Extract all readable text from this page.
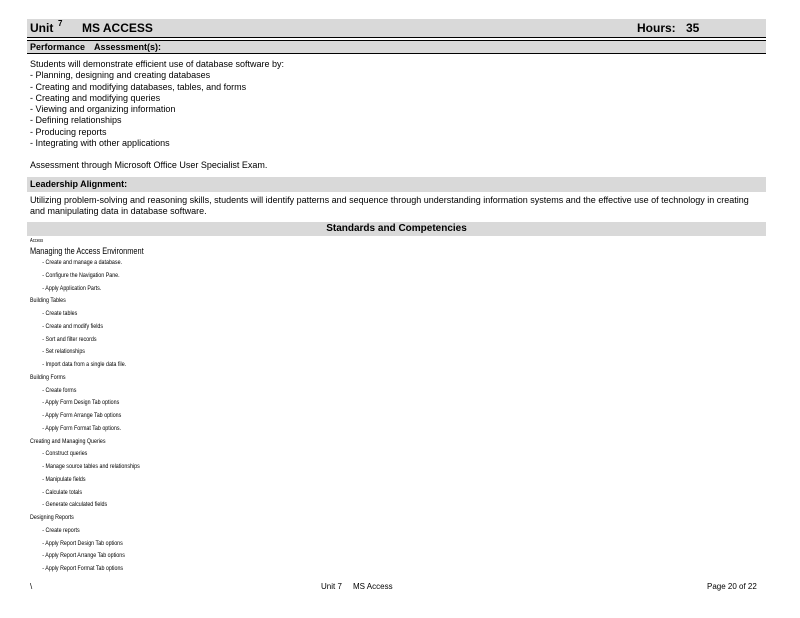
Unit 7 MS ACCESS	Hours: 35
Performance Assessment(s):
Students will demonstrate efficient use of database software by:
- Planning, designing and creating databases
- Creating and modifying databases, tables, and forms
- Creating and modifying queries
- Viewing and organizing information
- Defining relationships
- Producing reports
- Integrating with other applications
Assessment through Microsoft Office User Specialist Exam.
Leadership Alignment:
Utilizing problem-solving and reasoning skills, students will identify patterns and sequence through understanding information systems and the effective use of technology in creating and manipulating data in database software.
Standards and Competencies
Access
Managing the Access Environment
- Create and manage a database.
- Configure the Navigation Pane.
- Apply Application Parts.
Building Tables
- Create tables
- Create and modify fields
- Sort and filter records
- Set relationships
- Import data from a single data file.
Building Forms
- Create forms
- Apply Form Design Tab options
- Apply Form Arrange Tab options
- Apply Form Format Tab options.
Creating and Managing Queries
- Construct queries
- Manage source tables and relationships
- Manipulate fields
- Calculate totals
- Generate calculated fields
Designing Reports
- Create reports
- Apply Report Design Tab options
- Apply Report Arrange Tab options
- Apply Report Format Tab options
\	Unit 7     MS Access	Page 20 of 22
